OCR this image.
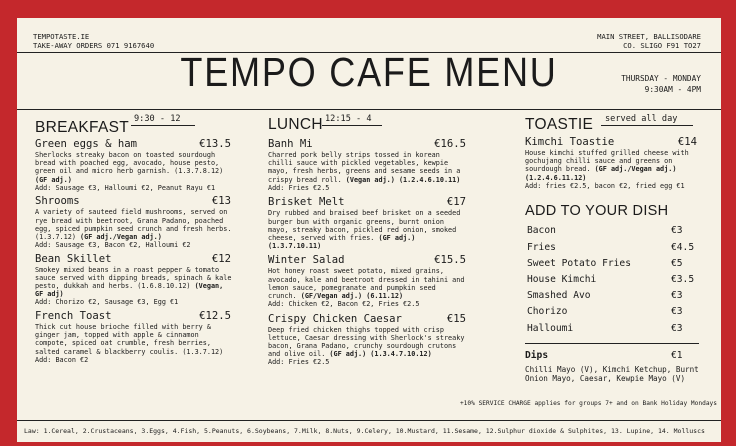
TEMPOTASTE.IE
TAKE-AWAY ORDERS 071 9167640
MAIN STREET, BALLISODARE
CO. SLIGO F91 TO27
TEMPO CAFE MENU	THURSDAY - MONDAY
9:30AM - 4PM
BREAKFAST 9:30 - 12
Green eggs & ham	€13.5
Sherlocks streaky bacon on toasted sourdough bread with poached egg, avocado, house pesto, green oil and micro herb garnish. (1.3.7.8.12) (GF adj.)
Add: Sausage €3, Halloumi €2, Peanut Rayu €1
Shrooms	€13
A variety of sauteed field mushrooms, served on rye bread with beetroot, Grana Padano, poached egg, spiced pumpkin seed crunch and fresh herbs. (1.3.7.12) (GF adj./Vegan adj.)
Add: Sausage €3, Bacon €2, Halloumi €2
Bean Skillet	€12
Smokey mixed beans in a roast pepper & tomato sauce served with dipping breads, spinach & kale pesto, dukkah and herbs. (1.6.8.10.12) (Vegan, GF adj)
Add: Chorizo €2, Sausage €3, Egg €1
French Toast	€12.5
Thick cut house brioche filled with berry & ginger jam, topped with apple & cinnamon compote, spiced oat crumble, fresh berries, salted caramel & blackberry coulis. (1.3.7.12)
Add: Bacon €2
LUNCH 12:15 - 4
Banh Mi	€16.5
Charred pork belly strips tossed in korean chilli sauce with pickled vegetables, kewpie mayo, fresh herbs, greens and sesame seeds in a crispy bread roll. (Vegan adj.) (1.2.4.6.10.11)
Add: Fries €2.5
Brisket Melt	€17
Dry rubbed and braised beef brisket on a seeded burger bun with organic greens, burnt onion mayo, streaky bacon, pickled red onion, smoked cheese, served with fries. (GF adj.) (1.3.7.10.11)
Winter Salad	€15.5
Hot honey roast sweet potato, mixed grains, avocado, kale and beetroot dressed in tahini and lemon sauce, pomegranate and pumpkin seed crunch. (GF/Vegan adj.) (6.11.12)
Add: Chicken €2, Bacon €2, Fries €2.5
Crispy Chicken Caesar	€15
Deep fried chicken thighs topped with crisp lettuce, Caesar dressing with Sherlock's streaky bacon, Grana Padano, crunchy sourdough crutons and olive oil. (GF adj.) (1.3.4.7.10.12)
Add: Fries €2.5
TOASTIE served all day
Kimchi Toastie	€14
House kimchi stuffed grilled cheese with gochujang chilli sauce and greens on sourdough bread. (GF adj./Vegan adj.) (1.2.4.6.11.12)
Add: fries €2.5, bacon €2, fried egg €1
ADD TO YOUR DISH
Bacon	€3
Fries	€4.5
Sweet Potato Fries	€5
House Kimchi	€3.5
Smashed Avo	€3
Chorizo	€3
Halloumi	€3
Dips	€1
Chilli Mayo (V), Kimchi Ketchup, Burnt Onion Mayo, Caesar, Kewpie Mayo (V)
+10% SERVICE CHARGE applies for groups 7+ and on Bank Holiday Mondays
Law: 1.Cereal, 2.Crustaceans, 3.Eggs, 4.Fish, 5.Peanuts, 6.Soybeans, 7.Milk, 8.Nuts, 9.Celery, 10.Mustard, 11.Sesame, 12.Sulphur dioxide & Sulphites, 13. Lupine, 14. Molluscs
